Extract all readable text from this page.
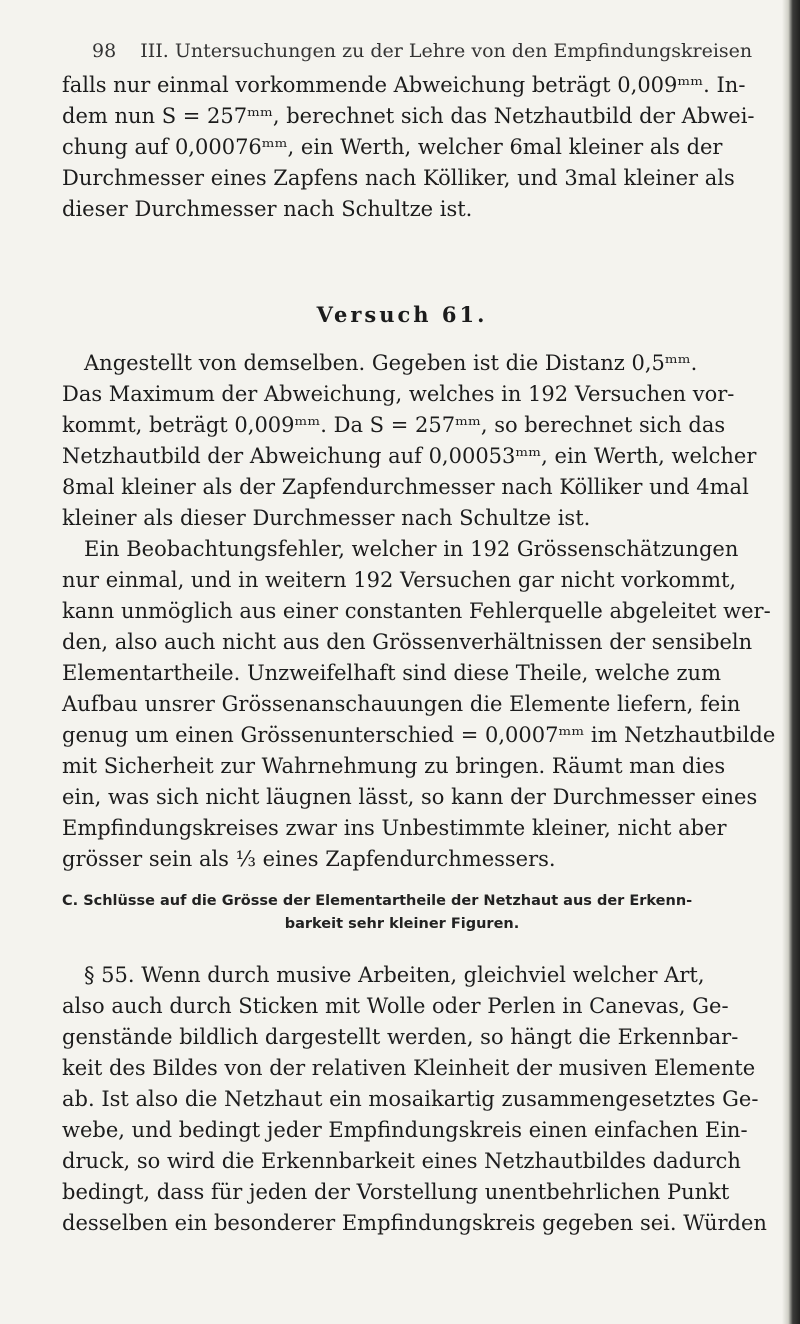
98 III. Untersuchungen zu der Lehre von den Empfindungskreisen

falls nur einmal vorkommende Abweichung beträgt 0,009ᵐᵐ. In-
dem nun S = 257ᵐᵐ, berechnet sich das Netzhautbild der Abwei-
chung auf 0,00076ᵐᵐ, ein Werth, welcher 6mal kleiner als der
Durchmesser eines Zapfens nach Kölliker, und 3mal kleiner als
dieser Durchmesser nach Schultze ist.

Versuch 61.

Angestellt von demselben. Gegeben ist die Distanz 0,5ᵐᵐ.
Das Maximum der Abweichung, welches in 192 Versuchen vor-
kommt, beträgt 0,009ᵐᵐ. Da S = 257ᵐᵐ, so berechnet sich das
Netzhautbild der Abweichung auf 0,00053ᵐᵐ, ein Werth, welcher
8mal kleiner als der Zapfendurchmesser nach Kölliker und 4mal
kleiner als dieser Durchmesser nach Schultze ist.

Ein Beobachtungsfehler, welcher in 192 Grössenschätzungen
nur einmal, und in weitern 192 Versuchen gar nicht vorkommt,
kann unmöglich aus einer constanten Fehlerquelle abgeleitet wer-
den, also auch nicht aus den Grössenverhältnissen der sensibeln
Elementartheile. Unzweifelhaft sind diese Theile, welche zum
Aufbau unsrer Grössenanschauungen die Elemente liefern, fein
genug um einen Grössenunterschied = 0,0007ᵐᵐ im Netzhautbilde
mit Sicherheit zur Wahrnehmung zu bringen. Räumt man dies
ein, was sich nicht läugnen lässt, so kann der Durchmesser eines
Empfindungskreises zwar ins Unbestimmte kleiner, nicht aber
grösser sein als ⅓ eines Zapfendurchmessers.

C. Schlüsse auf die Grösse der Elementartheile der Netzhaut aus der Erkenn-
barkeit sehr kleiner Figuren.

§ 55. Wenn durch musive Arbeiten, gleichviel welcher Art,
also auch durch Sticken mit Wolle oder Perlen in Canevas, Ge-
genstände bildlich dargestellt werden, so hängt die Erkennbar-
keit des Bildes von der relativen Kleinheit der musiven Elemente
ab. Ist also die Netzhaut ein mosaikartig zusammengesetztes Ge-
webe, und bedingt jeder Empfindungskreis einen einfachen Ein-
druck, so wird die Erkennbarkeit eines Netzhautbildes dadurch
bedingt, dass für jeden der Vorstellung unentbehrlichen Punkt
desselben ein besonderer Empfindungskreis gegeben sei. Würden
